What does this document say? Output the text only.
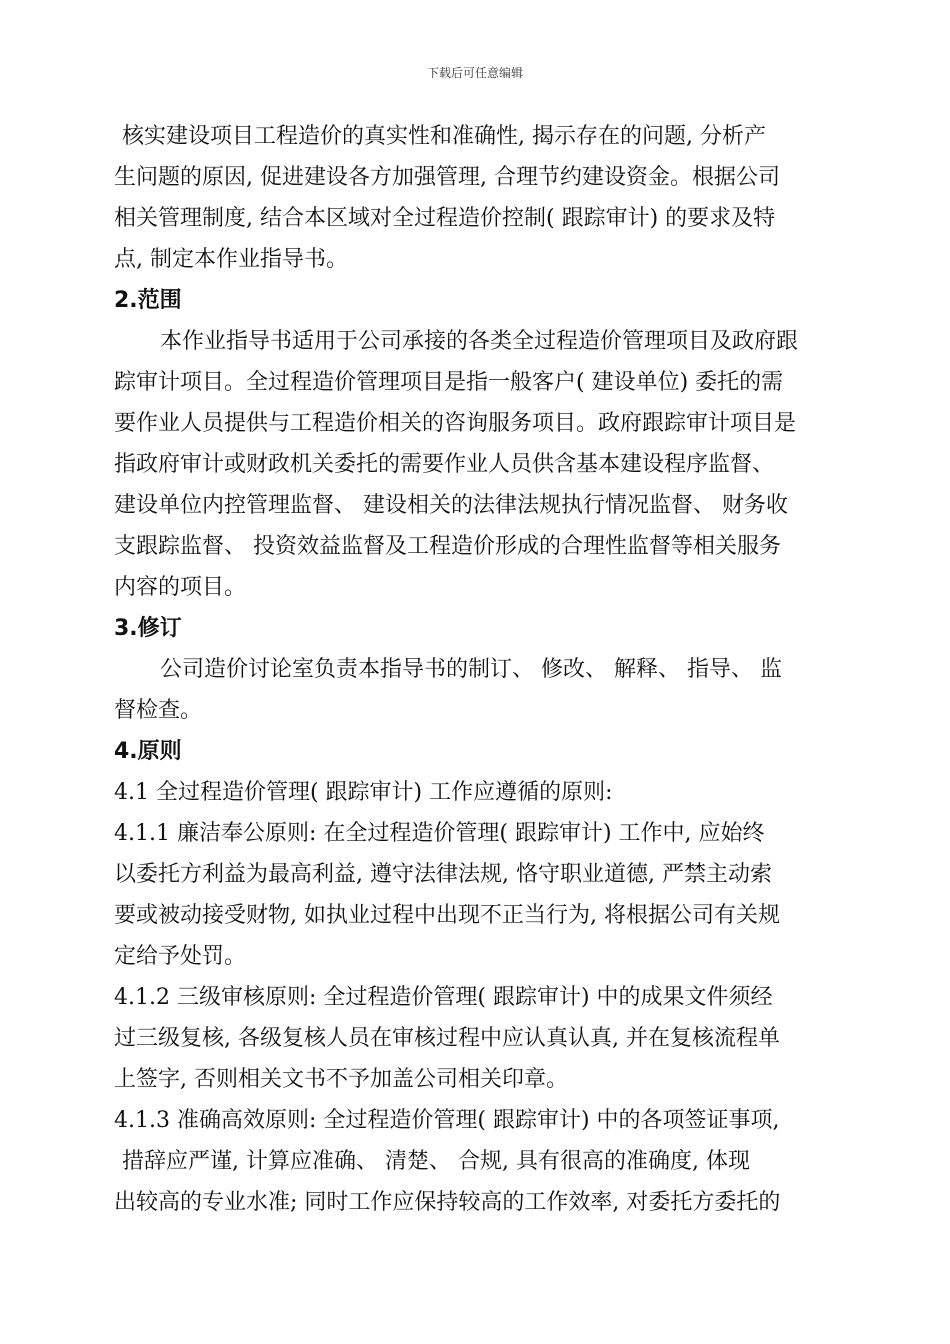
下载后可任意编辑
核实建设项目工程造价的真实性和准确性, 揭示存在的问题, 分析产
生问题的原因, 促进建设各方加强管理, 合理节约建设资金。根据公司
相关管理制度, 结合本区域对全过程造价控制( 跟踪审计) 的要求及特
点, 制定本作业指导书。
2.范围
本作业指导书适用于公司承接的各类全过程造价管理项目及政府跟
踪审计项目。全过程造价管理项目是指一般客户( 建设单位) 委托的需
要作业人员提供与工程造价相关的咨询服务项目。政府跟踪审计项目是
指政府审计或财政机关委托的需要作业人员供含基本建设程序监督、
建设单位内控管理监督、 建设相关的法律法规执行情况监督、 财务收
支跟踪监督、 投资效益监督及工程造价形成的合理性监督等相关服务
内容的项目。
3.修订
公司造价讨论室负责本指导书的制订、 修改、 解释、 指导、 监
督检查。
4.原则
4.1 全过程造价管理( 跟踪审计) 工作应遵循的原则:
4.1.1 廉洁奉公原则: 在全过程造价管理( 跟踪审计) 工作中, 应始终
以委托方利益为最高利益, 遵守法律法规, 恪守职业道德, 严禁主动索
要或被动接受财物, 如执业过程中出现不正当行为, 将根据公司有关规
定给予处罚。
4.1.2 三级审核原则: 全过程造价管理( 跟踪审计) 中的成果文件须经
过三级复核, 各级复核人员在审核过程中应认真认真, 并在复核流程单
上签字, 否则相关文书不予加盖公司相关印章。
4.1.3 准确高效原则: 全过程造价管理( 跟踪审计) 中的各项签证事项,
措辞应严谨, 计算应准确、 清楚、 合规, 具有很高的准确度, 体现
出较高的专业水准; 同时工作应保持较高的工作效率, 对委托方委托的
